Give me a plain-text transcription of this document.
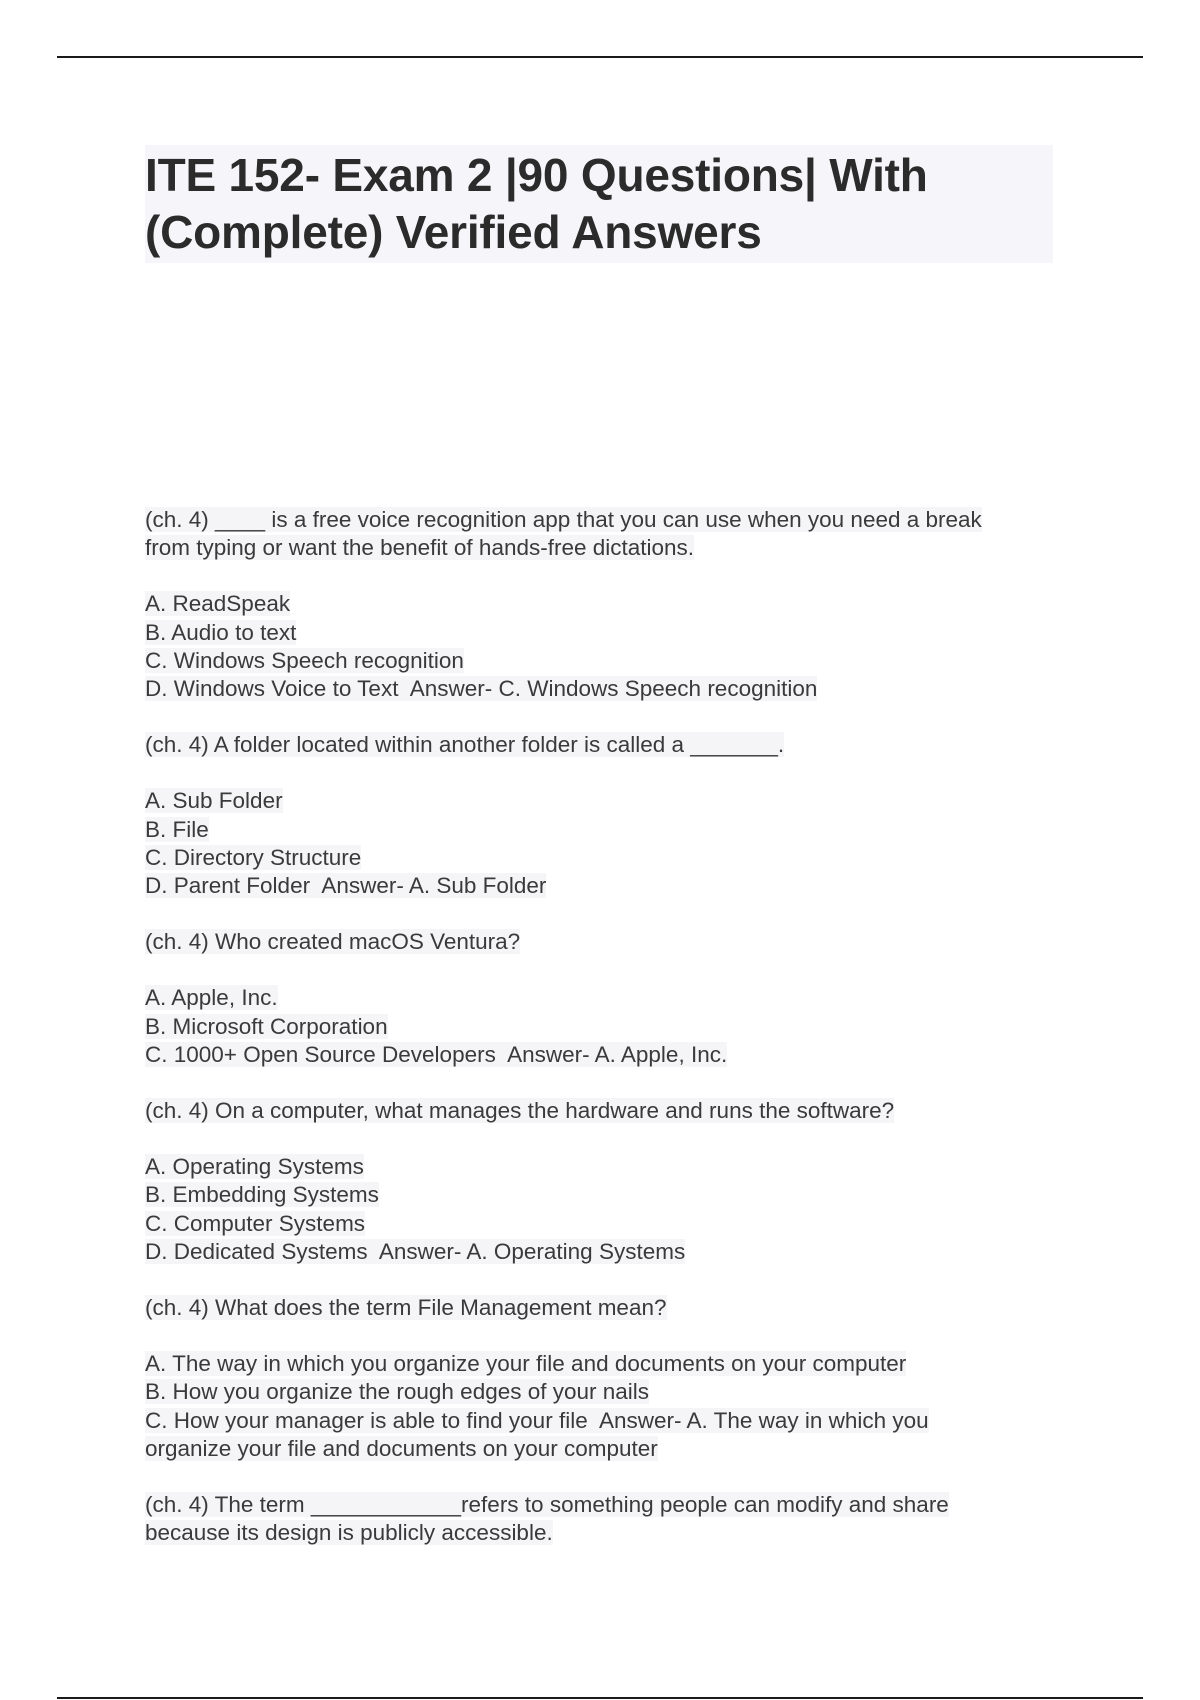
ITE 152- Exam 2 |90 Questions| With
(Complete) Verified Answers
(ch. 4) ____ is a free voice recognition app that you can use when you need a break
from typing or want the benefit of hands-free dictations.
A. ReadSpeak
B. Audio to text
C. Windows Speech recognition
D. Windows Voice to Text  Answer- C. Windows Speech recognition
(ch. 4) A folder located within another folder is called a _______.
A. Sub Folder
B. File
C. Directory Structure
D. Parent Folder  Answer- A. Sub Folder
(ch. 4) Who created macOS Ventura?
A. Apple, Inc.
B. Microsoft Corporation
C. 1000+ Open Source Developers  Answer- A. Apple, Inc.
(ch. 4) On a computer, what manages the hardware and runs the software?
A. Operating Systems
B. Embedding Systems
C. Computer Systems
D. Dedicated Systems  Answer- A. Operating Systems
(ch. 4) What does the term File Management mean?
A. The way in which you organize your file and documents on your computer
B. How you organize the rough edges of your nails
C. How your manager is able to find your file  Answer- A. The way in which you
organize your file and documents on your computer
(ch. 4) The term ____________refers to something people can modify and share
because its design is publicly accessible.
